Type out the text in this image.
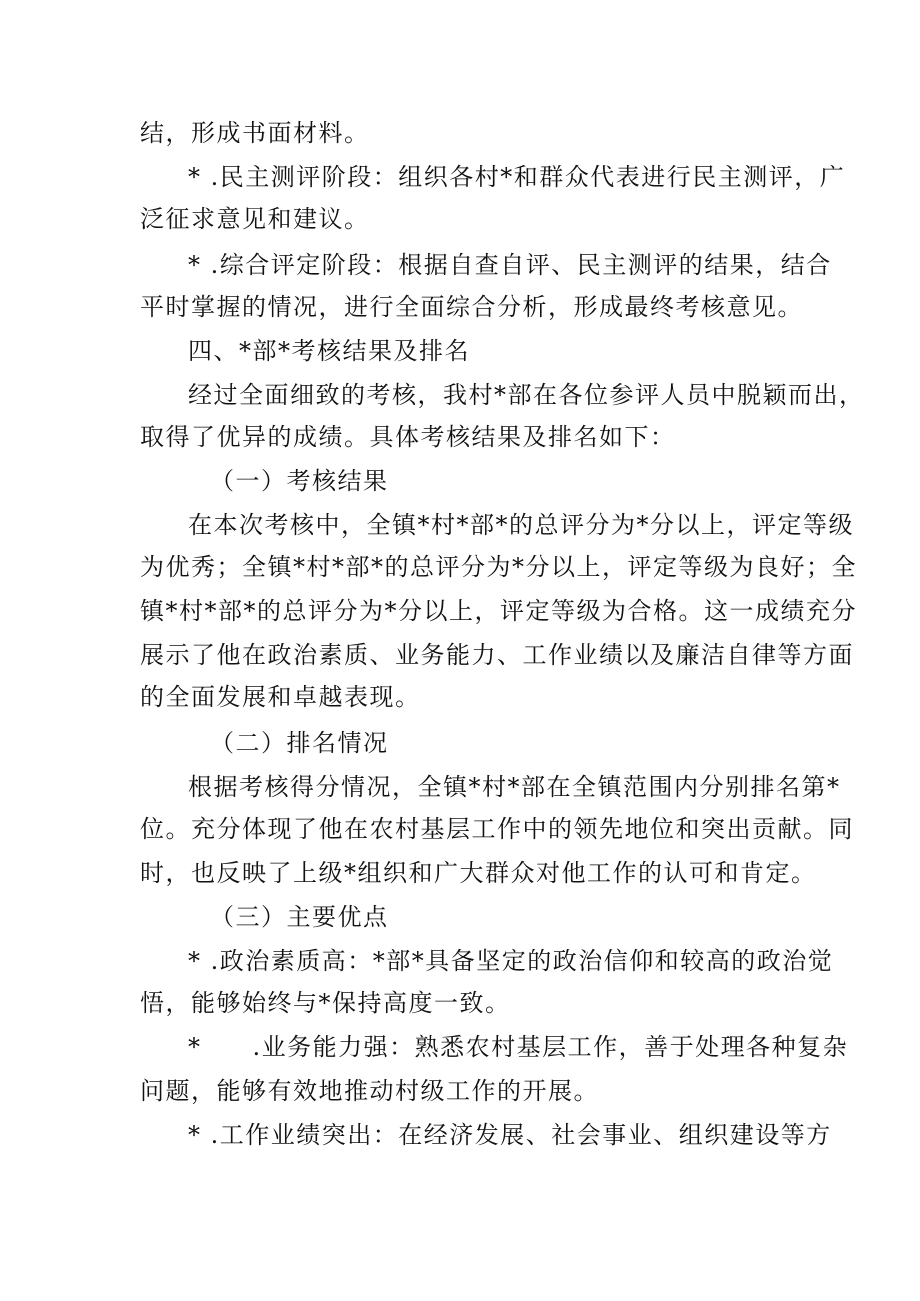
结，形成书面材料。
* .民主测评阶段：组织各村*和群众代表进行民主测评，广
泛征求意见和建议。
* .综合评定阶段：根据自查自评、民主测评的结果，结合
平时掌握的情况，进行全面综合分析，形成最终考核意见。
四、*部*考核结果及排名
经过全面细致的考核，我村*部在各位参评人员中脱颖而出，
取得了优异的成绩。具体考核结果及排名如下：
（一）考核结果
在本次考核中，全镇*村*部*的总评分为*分以上，评定等级
为优秀；全镇*村*部*的总评分为*分以上，评定等级为良好；全
镇*村*部*的总评分为*分以上，评定等级为合格。这一成绩充分
展示了他在政治素质、业务能力、工作业绩以及廉洁自律等方面
的全面发展和卓越表现。
（二）排名情况
根据考核得分情况，全镇*村*部在全镇范围内分别排名第*
位。充分体现了他在农村基层工作中的领先地位和突出贡献。同
时，也反映了上级*组织和广大群众对他工作的认可和肯定。
（三）主要优点
* .政治素质高：*部*具备坚定的政治信仰和较高的政治觉
悟，能够始终与*保持高度一致。
*　　.业务能力强：熟悉农村基层工作，善于处理各种复杂
问题，能够有效地推动村级工作的开展。
* .工作业绩突出：在经济发展、社会事业、组织建设等方
